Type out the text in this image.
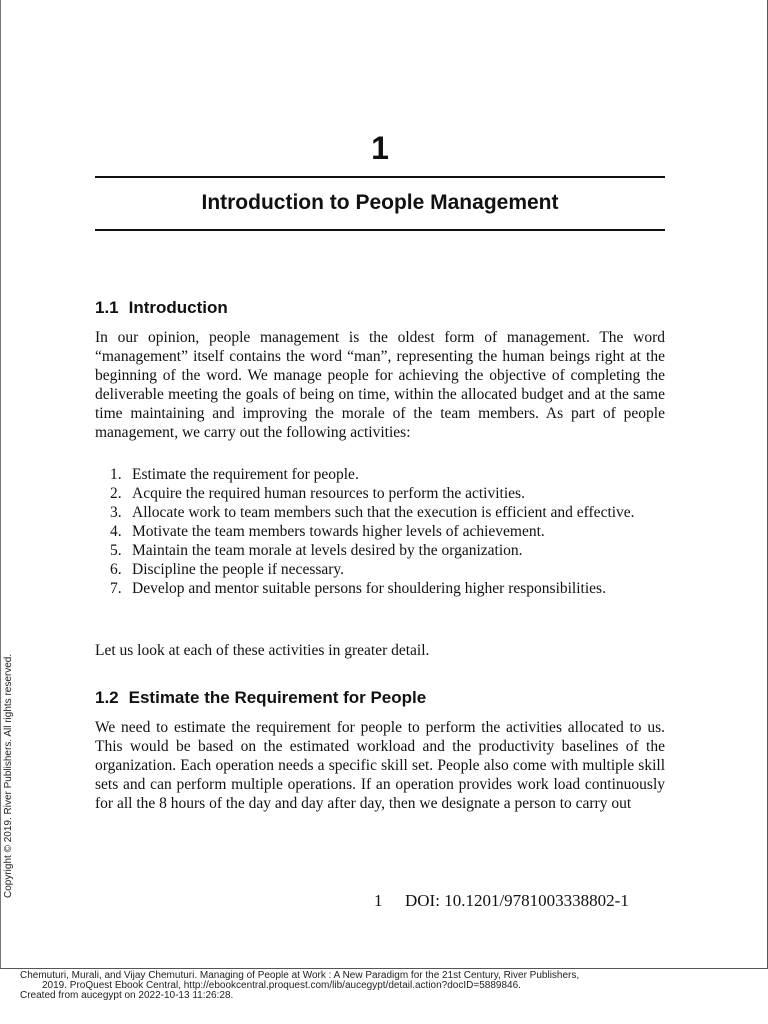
1
Introduction to People Management
1.1 Introduction

In our opinion, people management is the oldest form of management. The word “management” itself contains the word “man”, representing the human beings right at the beginning of the word. We manage people for achieving the objective of completing the deliverable meeting the goals of being on time, within the allocated budget and at the same time maintaining and improving the morale of the team members. As part of people management, we carry out the following activities:

1. Estimate the requirement for people.
2. Acquire the required human resources to perform the activities.
3. Allocate work to team members such that the execution is efficient and effective.
4. Motivate the team members towards higher levels of achievement.
5. Maintain the team morale at levels desired by the organization.
6. Discipline the people if necessary.
7. Develop and mentor suitable persons for shouldering higher responsibilities.

Let us look at each of these activities in greater detail.

1.2 Estimate the Requirement for People

We need to estimate the requirement for people to perform the activities allocated to us. This would be based on the estimated workload and the productivity baselines of the organization. Each operation needs a specific skill set. People also come with multiple skill sets and can perform multiple operations. If an operation provides work load continuously for all the 8 hours of the day and day after day, then we designate a person to carry out

1 DOI: 10.1201/9781003338802-1
Copyright © 2019. River Publishers. All rights reserved.
Chemuturi, Murali, and Vijay Chemuturi. Managing of People at Work : A New Paradigm for the 21st Century, River Publishers,
2019. ProQuest Ebook Central, http://ebookcentral.proquest.com/lib/aucegypt/detail.action?docID=5889846.
Created from aucegypt on 2022-10-13 11:26:28.
